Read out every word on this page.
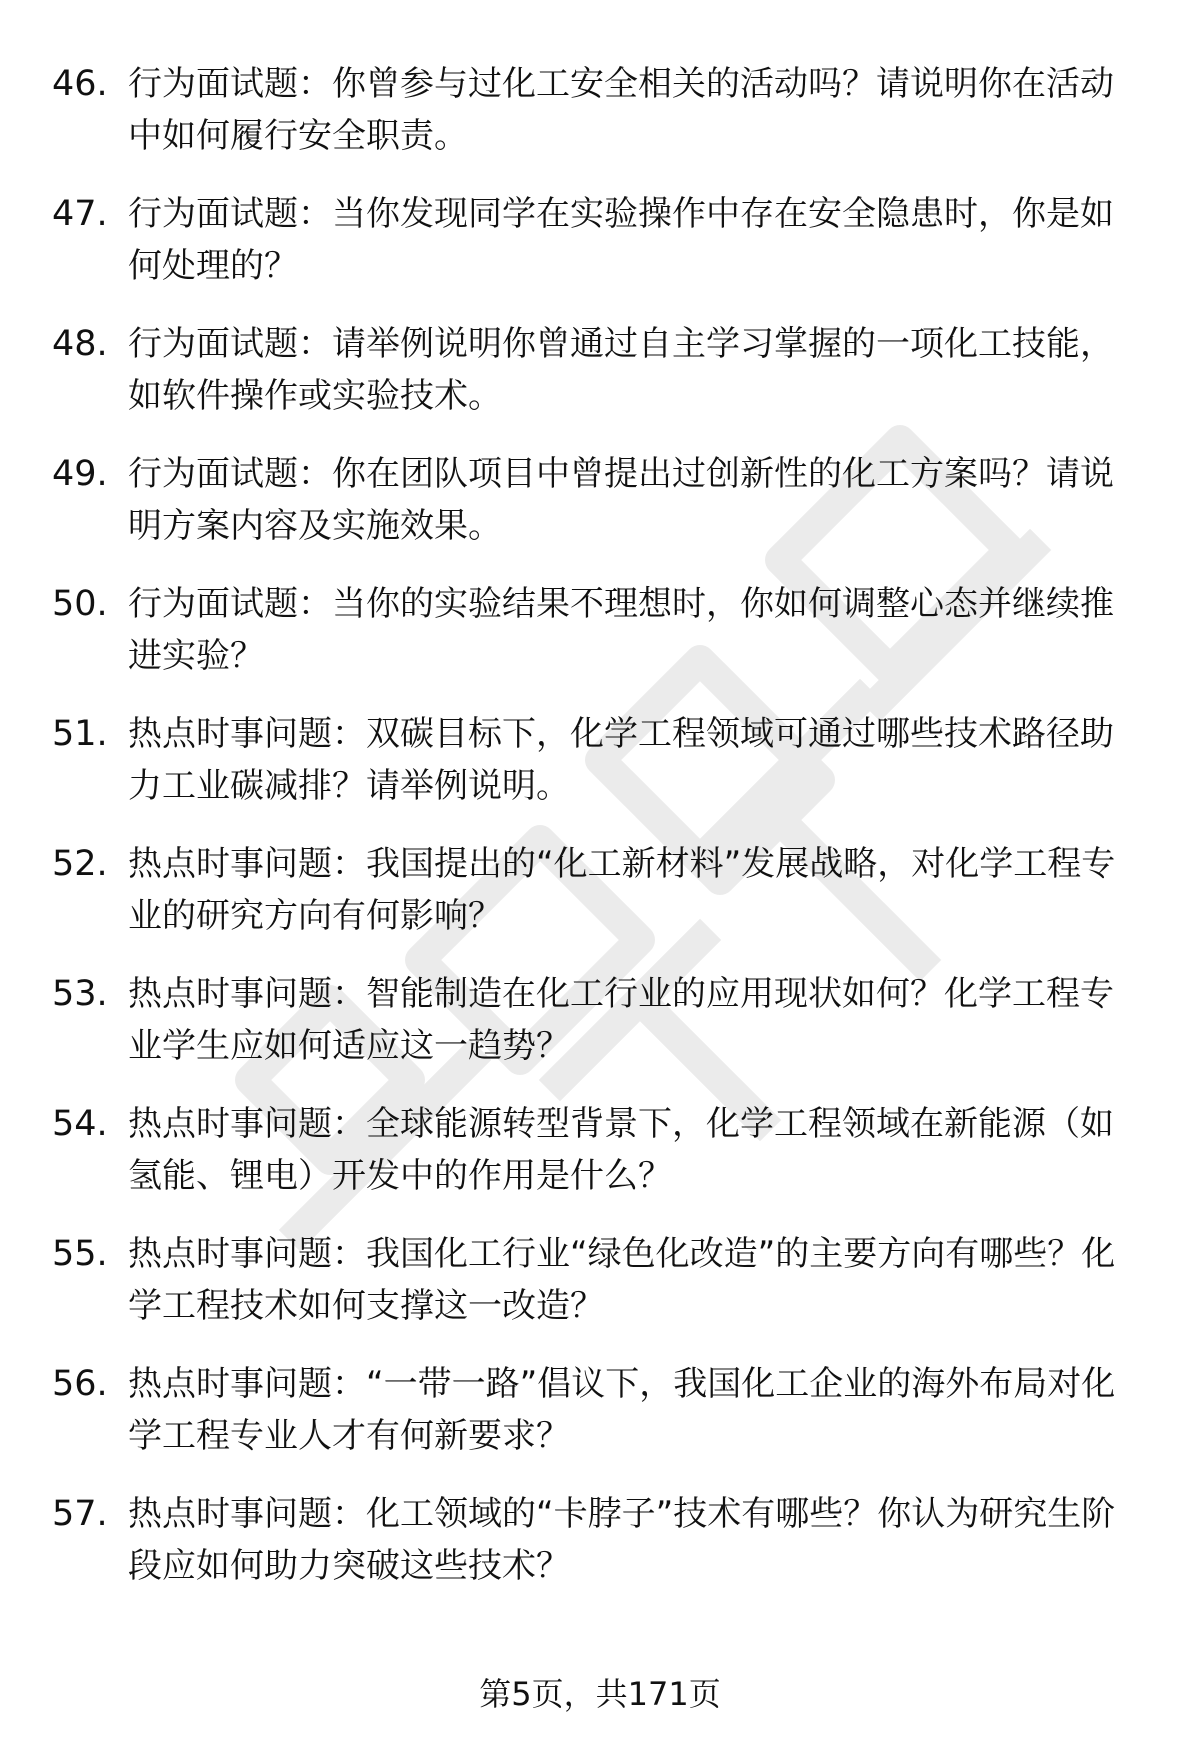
46. 行为面试题：你曾参与过化工安全相关的活动吗？请说明你在活动中如何履行安全职责。
47. 行为面试题：当你发现同学在实验操作中存在安全隐患时，你是如何处理的？
48. 行为面试题：请举例说明你曾通过自主学习掌握的一项化工技能，如软件操作或实验技术。
49. 行为面试题：你在团队项目中曾提出过创新性的化工方案吗？请说明方案内容及实施效果。
50. 行为面试题：当你的实验结果不理想时，你如何调整心态并继续推进实验？
51. 热点时事问题：双碳目标下，化学工程领域可通过哪些技术路径助力工业碳减排？请举例说明。
52. 热点时事问题：我国提出的“化工新材料”发展战略，对化学工程专业的研究方向有何影响？
53. 热点时事问题：智能制造在化工行业的应用现状如何？化学工程专业学生应如何适应这一趋势？
54. 热点时事问题：全球能源转型背景下，化学工程领域在新能源（如氢能、锂电）开发中的作用是什么？
55. 热点时事问题：我国化工行业“绿色化改造”的主要方向有哪些？化学工程技术如何支撑这一改造？
56. 热点时事问题：“一带一路”倡议下，我国化工企业的海外布局对化学工程专业人才有何新要求？
57. 热点时事问题：化工领域的“卡脖子”技术有哪些？你认为研究生阶段应如何助力突破这些技术？
第5页，共171页
